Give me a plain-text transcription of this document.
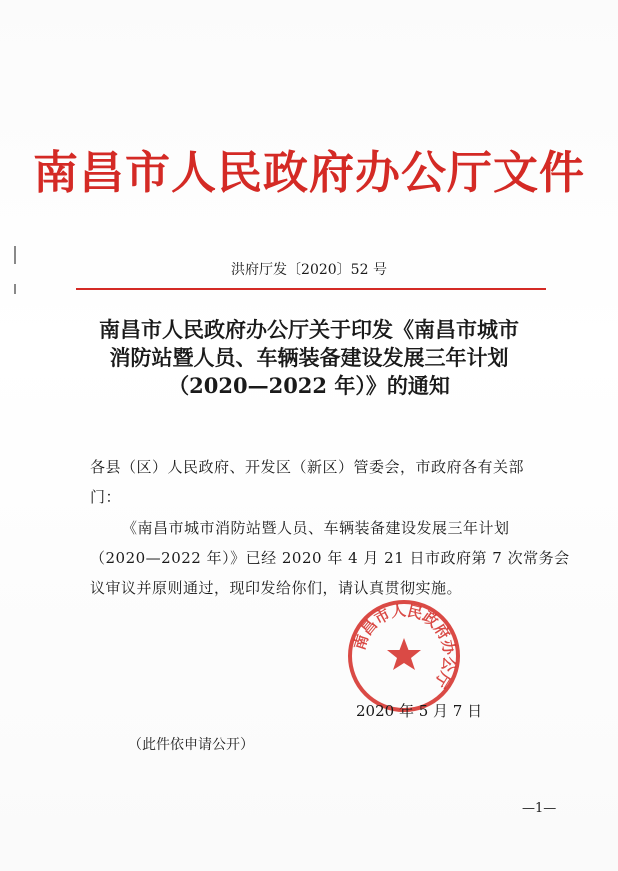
南昌市人民政府办公厅文件
洪府厅发〔2020〕52 号
南昌市人民政府办公厅关于印发《南昌市城市
消防站暨人员、车辆装备建设发展三年计划
（2020—2022 年）》的通知
各县（区）人民政府、开发区（新区）管委会，市政府各有关部
门：
《南昌市城市消防站暨人员、车辆装备建设发展三年计划
（2020—2022 年）》已经 2020 年 4 月 21 日市政府第 7 次常务会
议审议并原则通过，现印发给你们，请认真贯彻实施。
南昌市人民政府办公厅
2020 年 5 月 7 日
（此件依申请公开）
—1—
